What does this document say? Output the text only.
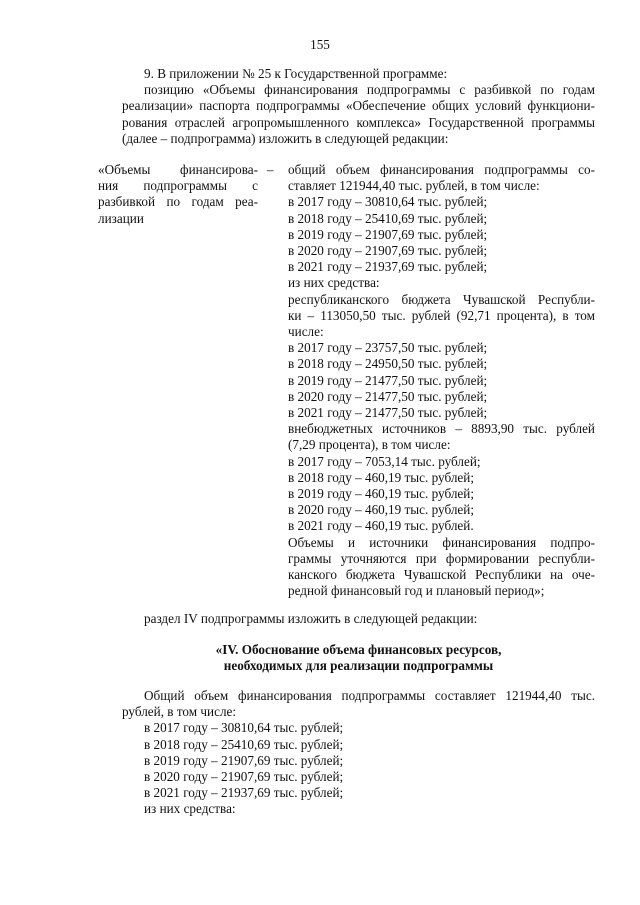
155
9. В приложении № 25 к Государственной программе:
позицию «Объемы финансирования подпрограммы с разбивкой по годам
реализации» паспорта подпрограммы «Обеспечение общих условий функциони-
рования отраслей агропромышленного комплекса» Государственной программы
(далее – подпрограмма) изложить в следующей редакции:
«Объемы финансирова-
ния подпрограммы с
разбивкой по годам реа-
лизации
– общий объем финансирования подпрограммы со-
ставляет 121944,40 тыс. рублей, в том числе:
в 2017 году – 30810,64 тыс. рублей;
в 2018 году – 25410,69 тыс. рублей;
в 2019 году – 21907,69 тыс. рублей;
в 2020 году – 21907,69 тыс. рублей;
в 2021 году – 21937,69 тыс. рублей;
из них средства:
республиканского бюджета Чувашской Республи-
ки – 113050,50 тыс. рублей (92,71 процента), в том
числе:
в 2017 году – 23757,50 тыс. рублей;
в 2018 году – 24950,50 тыс. рублей;
в 2019 году – 21477,50 тыс. рублей;
в 2020 году – 21477,50 тыс. рублей;
в 2021 году – 21477,50 тыс. рублей;
внебюджетных источников – 8893,90 тыс. рублей
(7,29 процента), в том числе:
в 2017 году – 7053,14 тыс. рублей;
в 2018 году – 460,19 тыс. рублей;
в 2019 году – 460,19 тыс. рублей;
в 2020 году – 460,19 тыс. рублей;
в 2021 году – 460,19 тыс. рублей.
Объемы и источники финансирования подпро-
граммы уточняются при формировании республи-
канского бюджета Чувашской Республики на оче-
редной финансовый год и плановый период»;
раздел IV подпрограммы изложить в следующей редакции:
«IV. Обоснование объема финансовых ресурсов,
необходимых для реализации подпрограммы
Общий объем финансирования подпрограммы составляет 121944,40 тыс.
рублей, в том числе:
в 2017 году – 30810,64 тыс. рублей;
в 2018 году – 25410,69 тыс. рублей;
в 2019 году – 21907,69 тыс. рублей;
в 2020 году – 21907,69 тыс. рублей;
в 2021 году – 21937,69 тыс. рублей;
из них средства:
